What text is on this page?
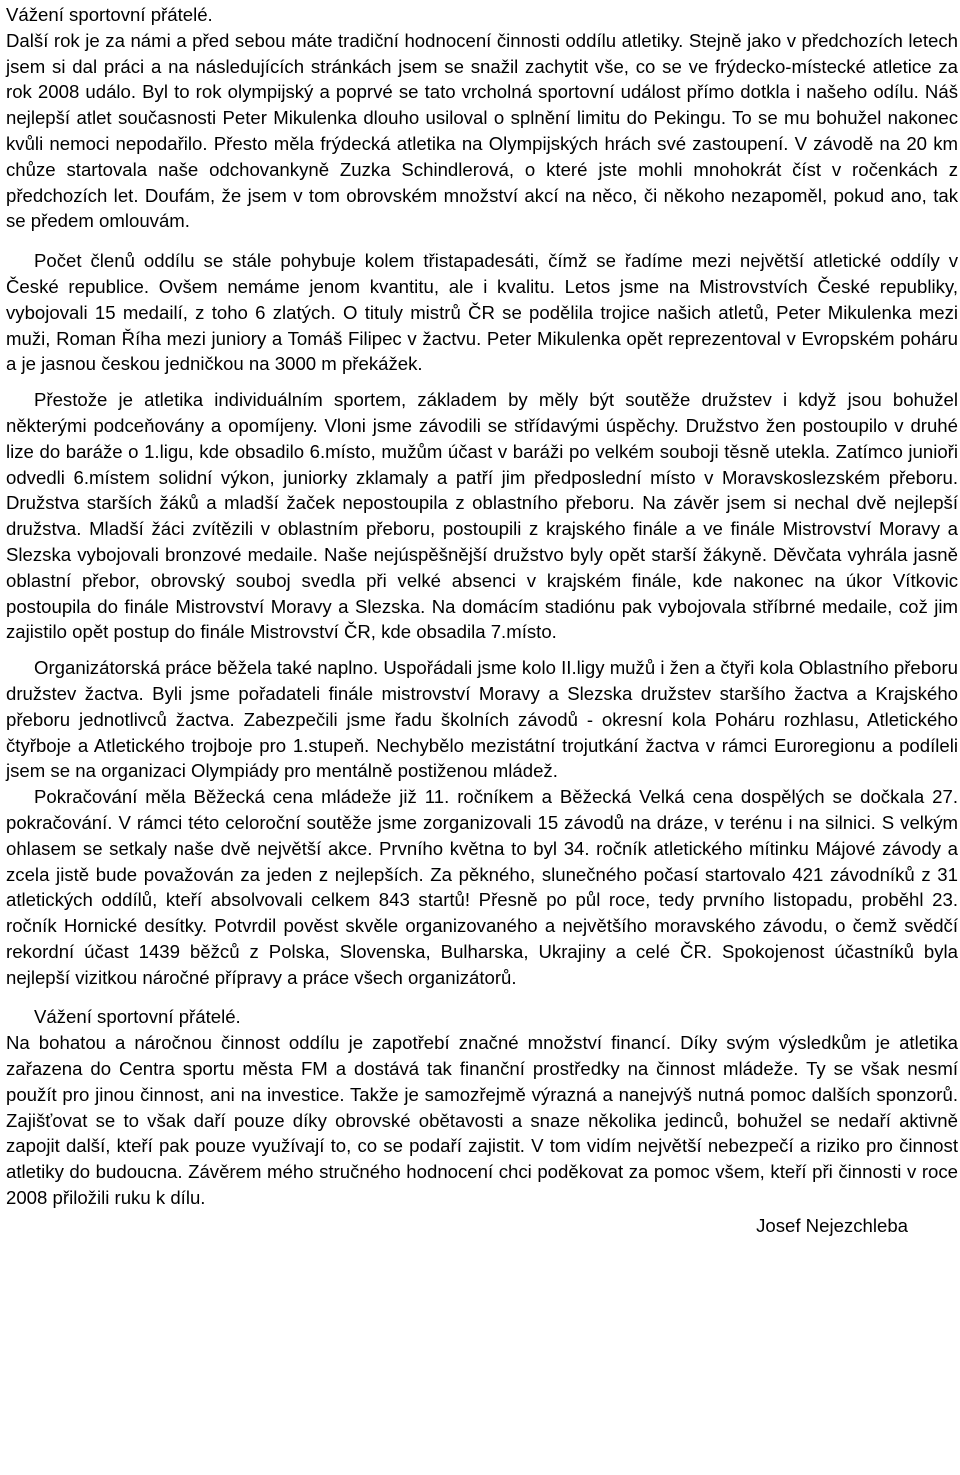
Vážení sportovní přátelé.

Další rok je za námi a před sebou máte tradiční hodnocení činnosti oddílu atletiky. Stejně jako v předchozích letech jsem si dal práci a na následujících stránkách jsem se snažil zachytit vše, co se ve frýdecko-místecké atletice za rok 2008 událo. Byl to rok olympijský a poprvé se tato vrcholná sportovní událost přímo dotkla i našeho odílu. Náš nejlepší atlet současnosti Peter Mikulenka dlouho usiloval o splnění limitu do Pekingu. To se mu bohužel nakonec kvůli nemoci nepodařilo. Přesto měla frýdecká atletika na Olympijských hrách své zastoupení. V závodě na 20 km chůze startovala naše odchovankyně Zuzka Schindlerová, o které jste mohli mnohokrát číst v ročenkách z předchozích let. Doufám, že jsem v tom obrovském množství akcí na něco, či někoho nezapoměl, pokud ano, tak se předem omlouvám.

Počet členů oddílu se stále pohybuje kolem třistapadesáti, čímž se řadíme mezi největší atletické oddíly v České republice. Ovšem nemáme jenom kvantitu, ale i kvalitu. Letos jsme na Mistrovstvích České republiky, vybojovali 15 medailí, z toho 6 zlatých. O tituly mistrů ČR se podělila trojice našich atletů, Peter Mikulenka mezi muži, Roman Říha mezi juniory a Tomáš Filipec v žactvu. Peter Mikulenka opět reprezentoval v Evropském poháru a je jasnou českou jedničkou na 3000 m překážek.

Přestože je atletika individuálním sportem, základem by měly být soutěže družstev i když jsou bohužel některými podceňovány a opomíjeny. Vloni jsme závodili se střídavými úspěchy. Družstvo žen postoupilo v druhé lize do baráže o 1.ligu, kde obsadilo 6.místo, mužům účast v baráži po velkém souboji těsně utekla. Zatímco junioři odvedli 6.místem solidní výkon, juniorky zklamaly a patří jim předposlední místo v Moravskoslezském přeboru. Družstva starších žáků a mladší žaček nepostoupila z oblastního přeboru. Na závěr jsem si nechal dvě nejlepší družstva. Mladší žáci zvítězili v oblastním přeboru, postoupili z krajského finále a ve finále Mistrovství Moravy a Slezska vybojovali bronzové medaile. Naše nejúspěšnější družstvo byly opět starší žákyně. Děvčata vyhrála jasně oblastní přebor, obrovský souboj svedla při velké absenci v krajském finále, kde nakonec na úkor Vítkovic postoupila do finále Mistrovství Moravy a Slezska. Na domácím stadiónu pak vybojovala stříbrné medaile, což jim zajistilo opět postup do finále Mistrovství ČR, kde obsadila 7.místo.

Organizátorská práce běžela také naplno. Uspořádali jsme kolo II.ligy mužů i žen a čtyři kola Oblastního přeboru družstev žactva. Byli jsme pořadateli finále mistrovství Moravy a Slezska družstev staršího žactva a Krajského přeboru jednotlivců žactva. Zabezpečili jsme řadu školních závodů - okresní kola Poháru rozhlasu, Atletického čtyřboje a Atletického trojboje pro 1.stupeň. Nechybělo mezistátní trojutkání žactva v rámci Euroregionu a podíleli jsem se na organizaci Olympiády pro mentálně postiženou mládež.

Pokračování měla Běžecká cena mládeže již 11. ročníkem a Běžecká Velká cena dospělých se dočkala 27. pokračování. V rámci této celoroční soutěže jsme zorganizovali 15 závodů na dráze, v terénu i na silnici. S velkým ohlasem se setkaly naše dvě největší akce. Prvního května to byl 34. ročník atletického mítinku Májové závody a zcela jistě bude považován za jeden z nejlepších. Za pěkného, slunečného počasí startovalo 421 závodníků z 31 atletických oddílů, kteří absolvovali celkem 843 startů! Přesně po půl roce, tedy prvního listopadu, proběhl 23. ročník Hornické desítky. Potvrdil pověst skvěle organizovaného a největšího moravského závodu, o čemž svědčí rekordní účast 1439 běžců z Polska, Slovenska, Bulharska, Ukrajiny a celé ČR. Spokojenost účastníků byla nejlepší vizitkou náročné přípravy a práce všech organizátorů.

Vážení sportovní přátelé.

Na bohatou a náročnou činnost oddílu je zapotřebí značné množství financí. Díky svým výsledkům je atletika zařazena do Centra sportu města FM a dostává tak finanční prostředky na činnost mládeže. Ty se však nesmí použít pro jinou činnost, ani na investice. Takže je samozřejmě výrazná a nanejvýš nutná pomoc dalších sponzorů. Zajišťovat se to však daří pouze díky obrovské obětavosti a snaze několika jedinců, bohužel se nedaří aktivně zapojit další, kteří pak pouze využívají to, co se podaří zajistit. V tom vidím největší nebezpečí a riziko pro činnost atletiky do budoucna. Závěrem mého stručného hodnocení chci poděkovat za pomoc všem, kteří při činnosti v roce 2008 přiložili ruku k dílu.

Josef Nejezchleba
